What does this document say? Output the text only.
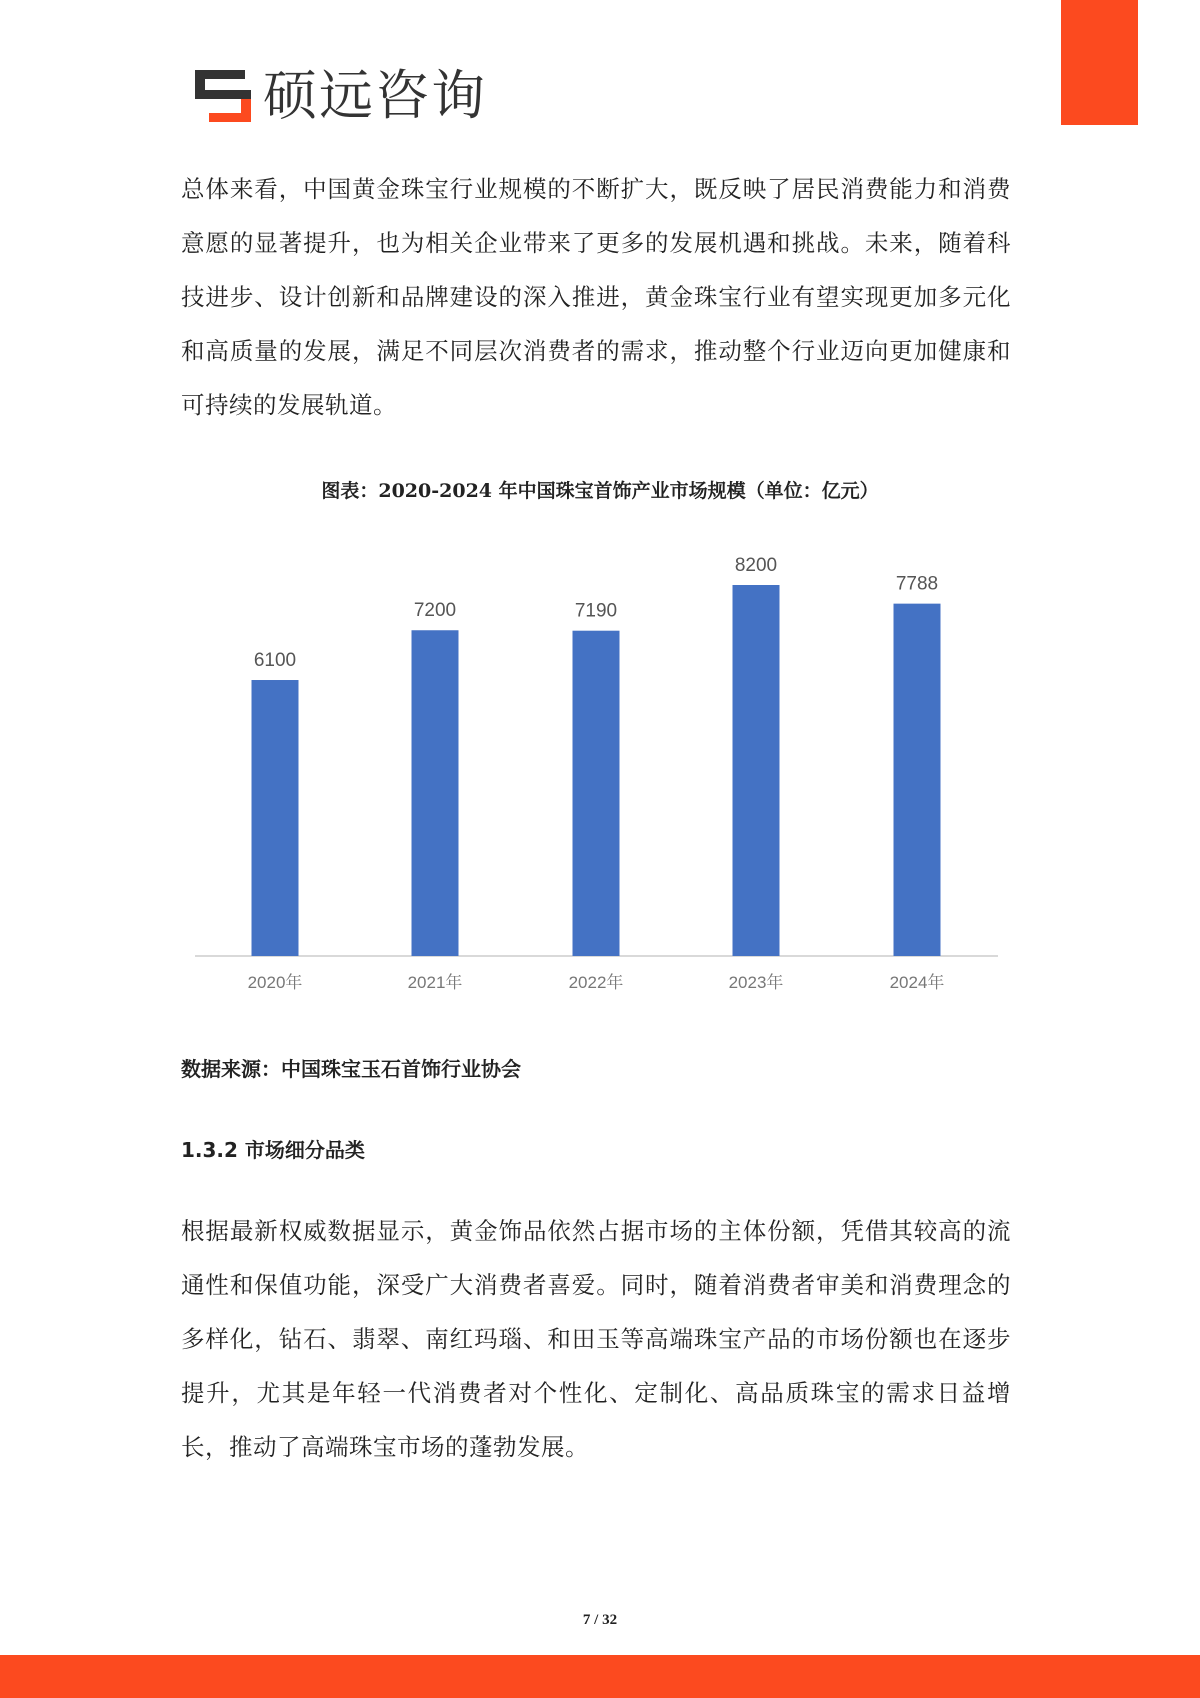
硕远咨询

总体来看，中国黄金珠宝行业规模的不断扩大，既反映了居民消费能力和消费意愿的显著提升，也为相关企业带来了更多的发展机遇和挑战。未来，随着科技进步、设计创新和品牌建设的深入推进，黄金珠宝行业有望实现更加多元化和高质量的发展，满足不同层次消费者的需求，推动整个行业迈向更加健康和可持续的发展轨道。

图表：2020-2024 年中国珠宝首饰产业市场规模（单位：亿元）
6100
2020年
7200
2021年
7190
2022年
8200
2023年
7788
2024年
数据来源：中国珠宝玉石首饰行业协会
1.3.2 市场细分品类

根据最新权威数据显示，黄金饰品依然占据市场的主体份额，凭借其较高的流通性和保值功能，深受广大消费者喜爱。同时，随着消费者审美和消费理念的多样化，钻石、翡翠、南红玛瑙、和田玉等高端珠宝产品的市场份额也在逐步提升，尤其是年轻一代消费者对个性化、定制化、高品质珠宝的需求日益增长，推动了高端珠宝市场的蓬勃发展。

7 / 32
